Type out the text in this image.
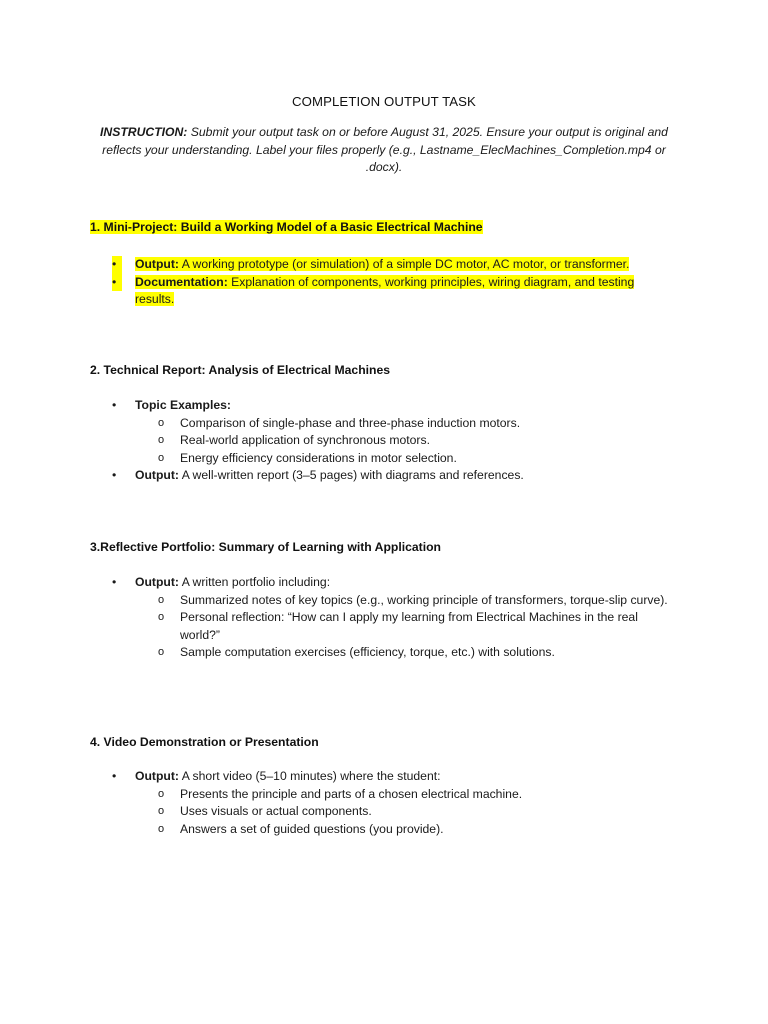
COMPLETION OUTPUT TASK
INSTRUCTION: Submit your output task on or before August 31, 2025. Ensure your output is original and reflects your understanding. Label your files properly (e.g., Lastname_ElecMachines_Completion.mp4 or .docx).
1. Mini-Project: Build a Working Model of a Basic Electrical Machine
•	Output: A working prototype (or simulation) of a simple DC motor, AC motor, or transformer.
•	Documentation: Explanation of components, working principles, wiring diagram, and testing results.
2. Technical Report: Analysis of Electrical Machines
•	Topic Examples:
o Comparison of single-phase and three-phase induction motors.
o Real-world application of synchronous motors.
o Energy efficiency considerations in motor selection.
•	Output: A well-written report (3–5 pages) with diagrams and references.
3.Reflective Portfolio: Summary of Learning with Application
•	Output: A written portfolio including:
o Summarized notes of key topics (e.g., working principle of transformers, torque-slip curve).
o Personal reflection: “How can I apply my learning from Electrical Machines in the real world?”
o Sample computation exercises (efficiency, torque, etc.) with solutions.
4. Video Demonstration or Presentation
•	Output: A short video (5–10 minutes) where the student:
o Presents the principle and parts of a chosen electrical machine.
o Uses visuals or actual components.
o Answers a set of guided questions (you provide).
